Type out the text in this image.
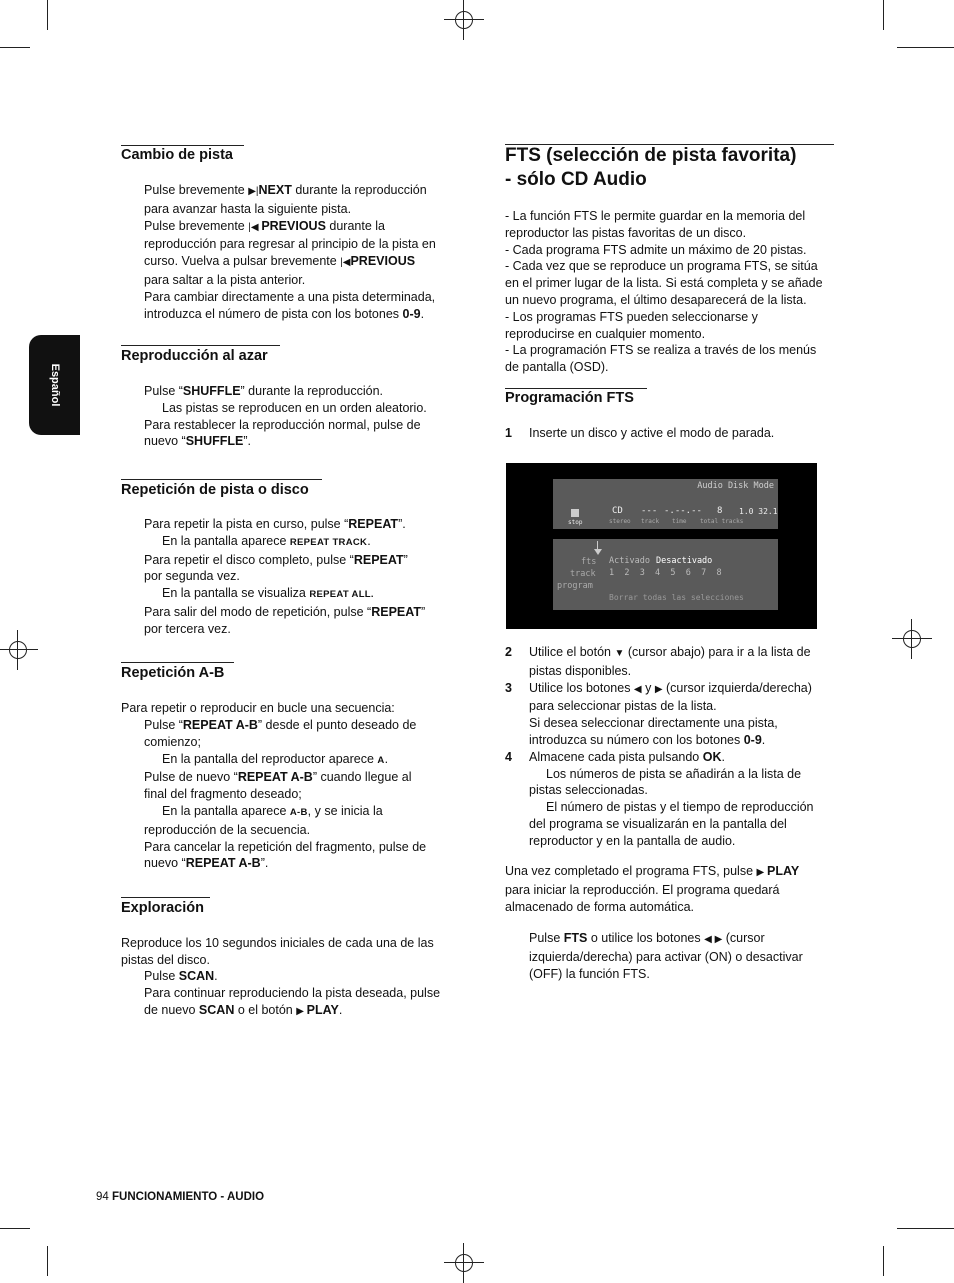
Español
Cambio de pista

Pulse brevemente ▶|NEXT durante la reproducción

para avanzar hasta la siguiente pista.

Pulse brevemente |◀ PREVIOUS durante la

reproducción para regresar al principio de la pista en

curso. Vuelva a pulsar brevemente |◀PREVIOUS

para saltar a la pista anterior.

Para cambiar directamente a una pista determinada,

introduzca el número de pista con los botones 0-9.

Reproducción al azar

Pulse “SHUFFLE” durante la reproducción.

Las pistas se reproducen en un orden aleatorio.

Para restablecer la reproducción normal, pulse de

nuevo “SHUFFLE”.

Repetición de pista o disco

Para repetir la pista en curso, pulse “REPEAT”.

En la pantalla aparece REPEAT TRACK.

Para repetir el disco completo, pulse “REPEAT”

por segunda vez.

En la pantalla se visualiza REPEAT ALL.

Para salir del modo de repetición, pulse “REPEAT”

por tercera vez.

Repetición A-B
Para repetir o reproducir en bucle una secuencia:

Pulse “REPEAT A-B” desde el punto deseado de

comienzo;

En la pantalla del reproductor aparece A.

Pulse de nuevo “REPEAT A-B” cuando llegue al

final del fragmento deseado;

En la pantalla aparece A-B, y se inicia la

reproducción de la secuencia.

Para cancelar la repetición del fragmento, pulse de

nuevo “REPEAT A-B”.

Exploración

Reproduce los 10 segundos iniciales de cada una de las

pistas del disco.

Pulse SCAN.

Para continuar reproduciendo la pista deseada, pulse

de nuevo SCAN o el botón ▶ PLAY.

FTS (selección de pista favorita)
- sólo CD Audio

- La función FTS le permite guardar en la memoria del

reproductor las pistas favoritas de un disco.

- Cada programa FTS admite un máximo de 20 pistas.

- Cada vez que se reproduce un programa FTS, se sitúa

en el primer lugar de la lista. Si está completa y se añade

un nuevo programa, el último desaparecerá de la lista.

- Los programas FTS pueden seleccionarse y

reproducirse en cualquier momento.

- La programación FTS se realiza a través de los menús

de pantalla (OSD).

Programación FTS

1 Inserte un disco y active el modo de parada.

Audio Disk Mode
stop
CD
stereo
---
track
-.--.--
time
8
total tracks
1.0 32.1
fts
track
program
Activado Desactivado
1  2  3  4  5  6  7  8
Borrar todas las selecciones

2 Utilice el botón ▼ (cursor abajo) para ir a la lista de

pistas disponibles.

3 Utilice los botones ◀ y ▶ (cursor izquierda/derecha)

para seleccionar pistas de la lista.

Si desea seleccionar directamente una pista,

introduzca su número con los botones 0-9.

4 Almacene cada pista pulsando OK.

Los números de pista se añadirán a la lista de

pistas seleccionadas.

El número de pistas y el tiempo de reproducción

del programa se visualizarán en la pantalla del

reproductor y en la pantalla de audio.

Una vez completado el programa FTS, pulse ▶ PLAY

para iniciar la reproducción. El programa quedará

almacenado de forma automática.

Pulse FTS o utilice los botones ◀ ▶ (cursor

izquierda/derecha) para activar (ON) o desactivar

(OFF) la función FTS.

94 FUNCIONAMIENTO - AUDIO
